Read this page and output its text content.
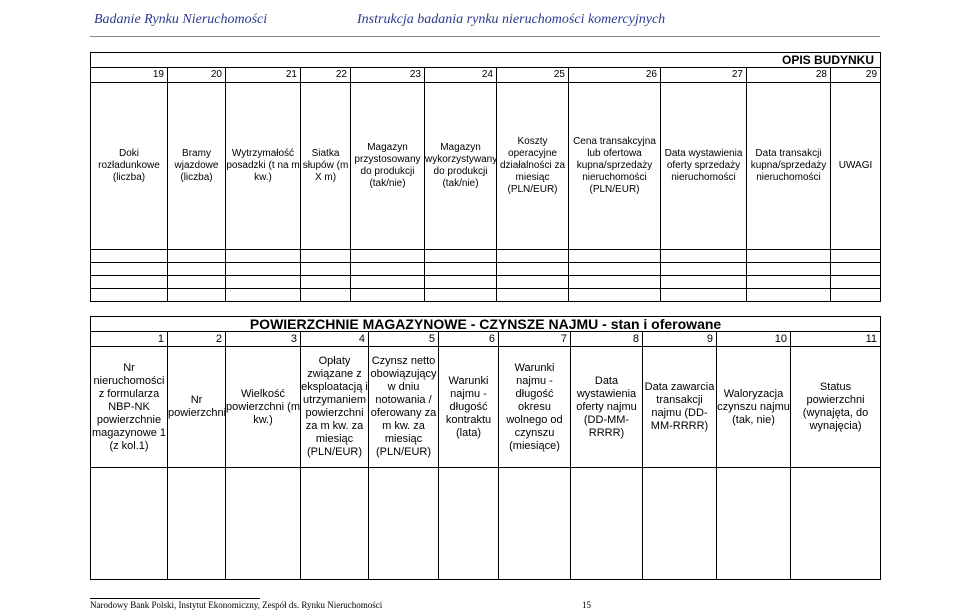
Badanie Rynku Nieruchomości	Instrukcja badania rynku nieruchomości komercyjnych
OPIS BUDYNKU										
19	20	21	22	23	24	25	26	27	28	29
Doki rozładunkowe (liczba)	Bramy wjazdowe (liczba)	Wytrzymałość posadzki (t na m kw.)	Siatka słupów (m X m)	Magazyn przystosowany do produkcji (tak/nie)	Magazyn wykorzystywany do produkcji (tak/nie)	Koszty operacyjne działalności za miesiąc (PLN/EUR)	Cena transakcyjna lub ofertowa kupna/sprzedaży nieruchomości (PLN/EUR)	Data wystawienia oferty sprzedaży nieruchomości	Data transakcji kupna/sprzedaży nieruchomości	UWAGI

POWIERZCHNIE MAGAZYNOWE - CZYNSZE NAJMU - stan i oferowane										
1	2	3	4	5	6	7	8	9	10	11
Nr nieruchomości z formularza NBP-NK powierzchnie magazynowe 1 (z kol.1)	Nr powierzchni	Wielkość powierzchni (m kw.)	Opłaty związane z eksploatacją i utrzymaniem powierzchni za m kw. za miesiąc (PLN/EUR)	Czynsz netto obowiązujący w dniu notowania / oferowany za m kw. za miesiąc (PLN/EUR)	Warunki najmu - długość kontraktu (lata)	Warunki najmu - długość okresu wolnego od czynszu (miesiące)	Data wystawienia oferty najmu (DD-MM-RRRR)	Data zawarcia transakcji najmu (DD-MM-RRRR)	Waloryzacja czynszu najmu (tak, nie)	Status powierzchni (wynajęta, do wynajęcia)

Narodowy Bank Polski, Instytut Ekonomiczny, Zespół ds. Rynku Nieruchomości	15
